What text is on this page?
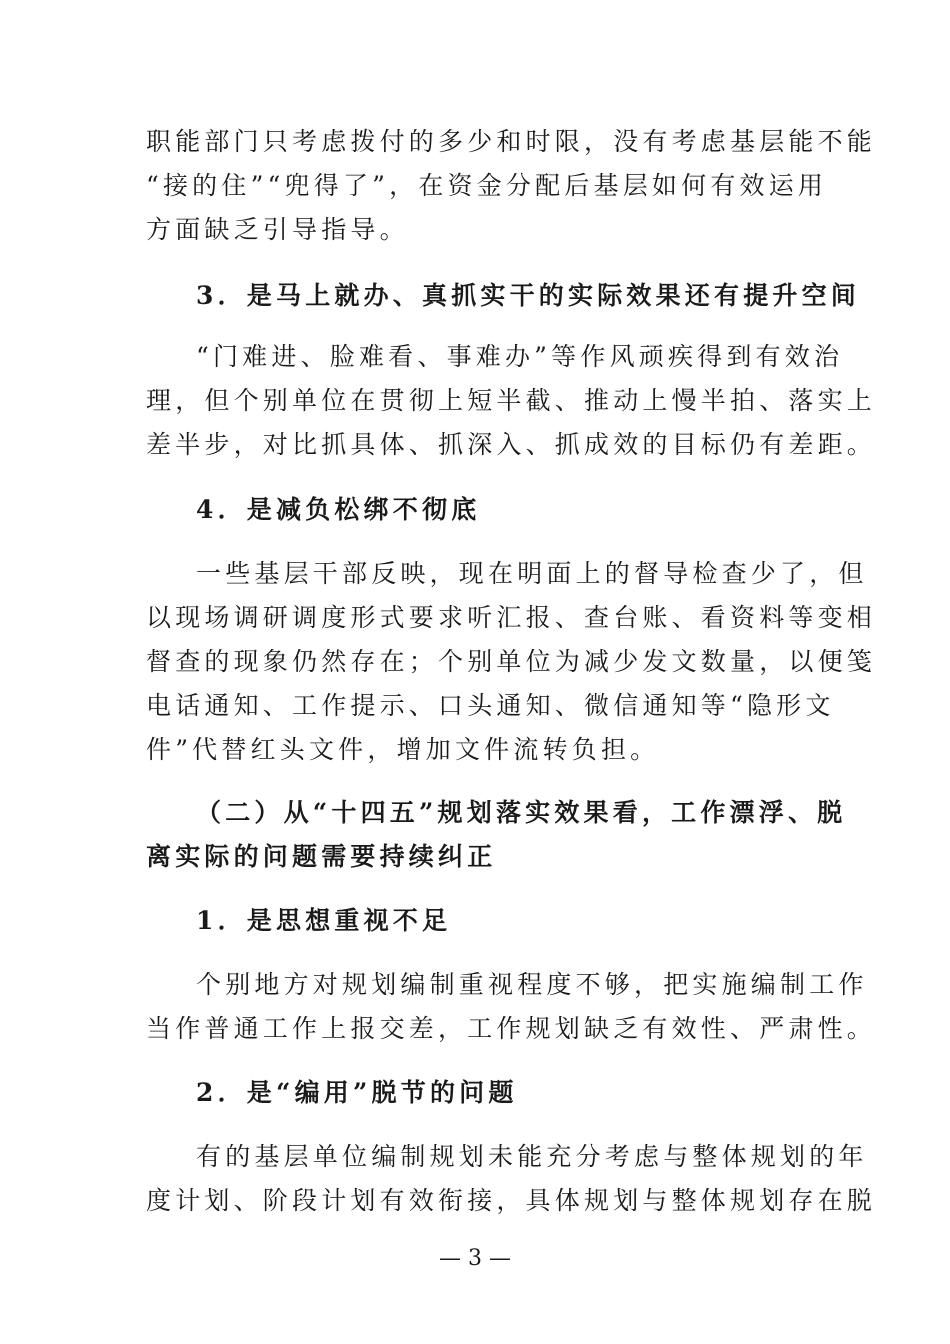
职能部门只考虑拨付的多少和时限，没有考虑基层能不能
“接的住”“兜得了”，在资金分配后基层如何有效运用
方面缺乏引导指导。
3．是马上就办、真抓实干的实际效果还有提升空间
“门难进、脸难看、事难办”等作风顽疾得到有效治
理，但个别单位在贯彻上短半截、推动上慢半拍、落实上
差半步，对比抓具体、抓深入、抓成效的目标仍有差距。
4．是减负松绑不彻底
一些基层干部反映，现在明面上的督导检查少了，但
以现场调研调度形式要求听汇报、查台账、看资料等变相
督查的现象仍然存在；个别单位为减少发文数量，以便笺
电话通知、工作提示、口头通知、微信通知等“隐形文
件”代替红头文件，增加文件流转负担。
（二）从“十四五”规划落实效果看，工作漂浮、脱
离实际的问题需要持续纠正
1．是思想重视不足
个别地方对规划编制重视程度不够，把实施编制工作
当作普通工作上报交差，工作规划缺乏有效性、严肃性。
2．是“编用”脱节的问题
有的基层单位编制规划未能充分考虑与整体规划的年
度计划、阶段计划有效衔接，具体规划与整体规划存在脱
— 3 —
